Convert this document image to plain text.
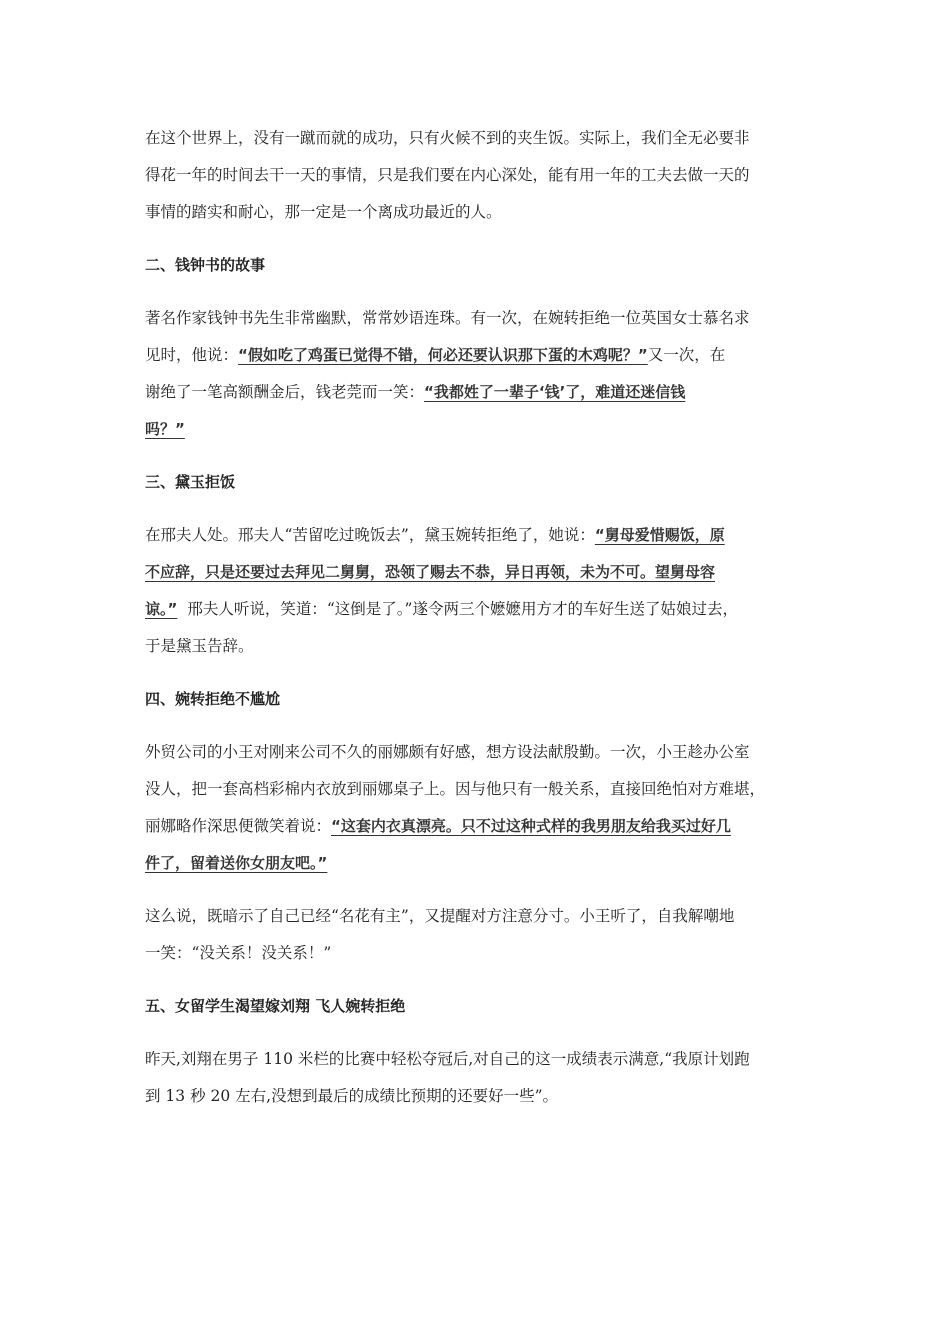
在这个世界上，没有一蹴而就的成功，只有火候不到的夹生饭。实际上，我们全无必要非
得花一年的时间去干一天的事情，只是我们要在内心深处，能有用一年的工夫去做一天的
事情的踏实和耐心，那一定是一个离成功最近的人。
二、钱钟书的故事
著名作家钱钟书先生非常幽默，常常妙语连珠。有一次，在婉转拒绝一位英国女士慕名求
见时，他说：“假如吃了鸡蛋已觉得不错，何必还要认识那下蛋的木鸡呢？”又一次，在
谢绝了一笔高额酬金后，钱老莞而一笑：“我都姓了一辈子‘钱’了，难道还迷信钱
吗？”
三、黛玉拒饭
在邢夫人处。邢夫人“苦留吃过晚饭去”，黛玉婉转拒绝了，她说：“舅母爱惜赐饭，原
不应辞，只是还要过去拜见二舅舅，恐领了赐去不恭，异日再领，未为不可。望舅母容
谅。” 邢夫人听说，笑道：“这倒是了。”遂令两三个嬷嬷用方才的车好生送了姑娘过去，
于是黛玉告辞。
四、婉转拒绝不尴尬
外贸公司的小王对刚来公司不久的丽娜颇有好感，想方设法献殷勤。一次，小王趁办公室
没人，把一套高档彩棉内衣放到丽娜桌子上。因与他只有一般关系，直接回绝怕对方难堪，
丽娜略作深思便微笑着说：“这套内衣真漂亮。只不过这种式样的我男朋友给我买过好几
件了，留着送你女朋友吧。”
这么说，既暗示了自己已经“名花有主”，又提醒对方注意分寸。小王听了，自我解嘲地
一笑：“没关系！没关系！”
五、女留学生渴望嫁刘翔 飞人婉转拒绝
昨天,刘翔在男子 110 米栏的比赛中轻松夺冠后,对自己的这一成绩表示满意,“我原计划跑
到 13 秒 20 左右,没想到最后的成绩比预期的还要好一些”。
